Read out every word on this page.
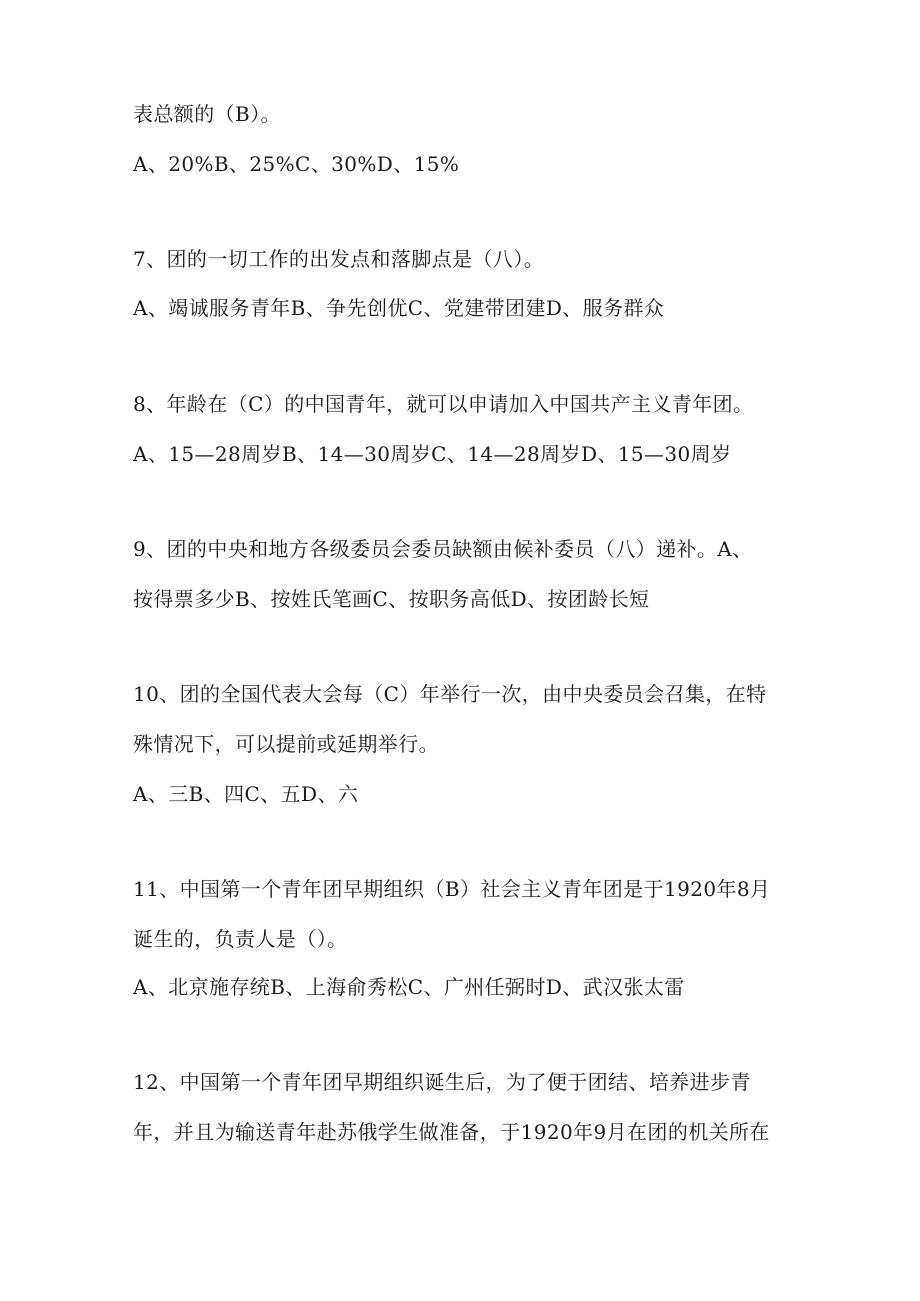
表总额的（B）。
A、20%B、25%C、30%D、15%
7、团的一切工作的出发点和落脚点是（八）。
A、竭诚服务青年B、争先创优C、党建带团建D、服务群众
8、年龄在（C）的中国青年，就可以申请加入中国共产主义青年团。
A、15—28周岁B、14—30周岁C、14—28周岁D、15—30周岁
9、团的中央和地方各级委员会委员缺额由候补委员（八）递补。A、
按得票多少B、按姓氏笔画C、按职务高低D、按团龄长短
10、团的全国代表大会每（C）年举行一次，由中央委员会召集，在特
殊情况下，可以提前或延期举行。
A、三B、四C、五D、六
11、中国第一个青年团早期组织（B）社会主义青年团是于1920年8月
诞生的，负责人是（）。
A、北京施存统B、上海俞秀松C、广州任弼时D、武汉张太雷
12、中国第一个青年团早期组织诞生后，为了便于团结、培养进步青
年，并且为输送青年赴苏俄学生做准备，于1920年9月在团的机关所在
